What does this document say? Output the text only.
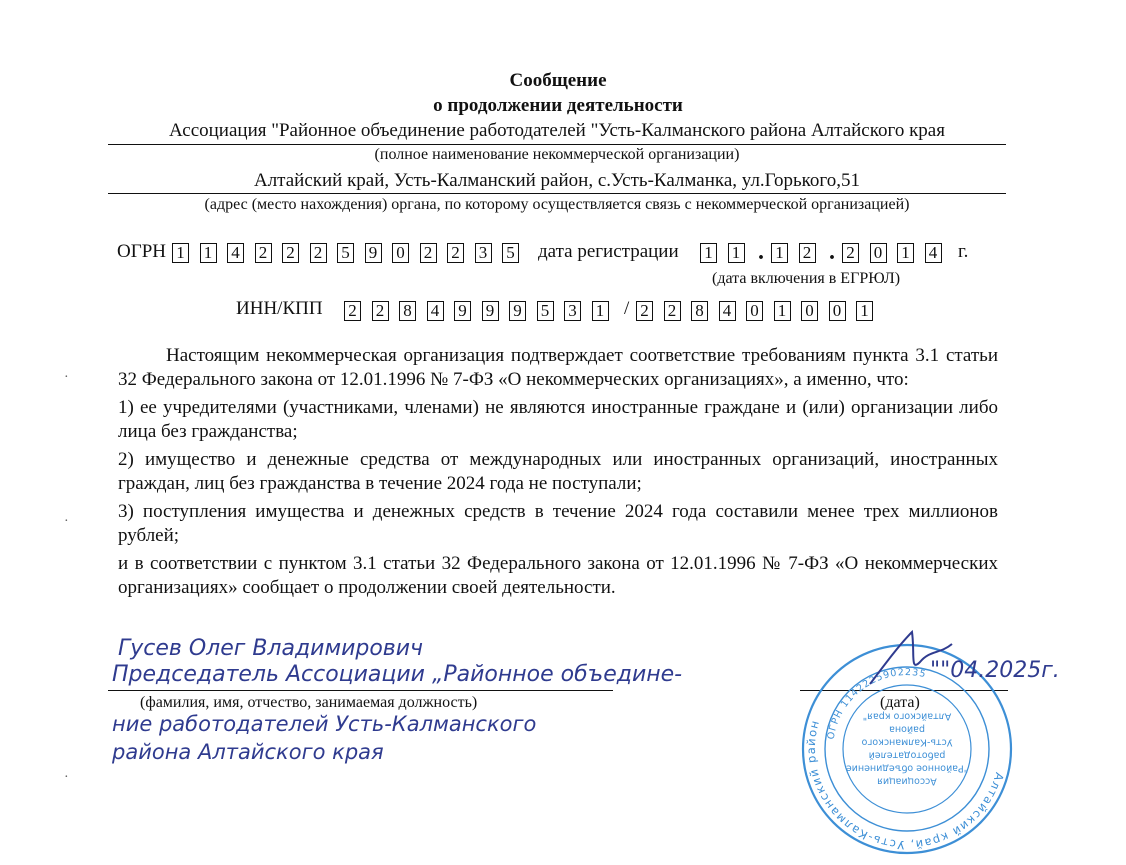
Сообщение
о продолжении деятельности
Ассоциация "Районное объединение работодателей "Усть-Калманского района Алтайского края
(полное наименование некоммерческой организации)
Алтайский край, Усть-Калманский район, с.Усть-Калманка, ул.Горького,51
(адрес (место нахождения) органа, по которому осуществляется связь с некоммерческой организацией)
ОГРН 1 1 4 2 2 2 5 9 0 2 2 3 5 дата регистрации 1 1 . 1 2 . 2 0 1 4 г.
(дата включения в ЕГРЮЛ)
ИНН/КПП 2 2 8 4 9 9 9 5 3 1 / 2 2 8 4 0 1 0 0 1

Настоящим некоммерческая организация подтверждает соответствие требованиям пункта 3.1 статьи 32 Федерального закона от 12.01.1996 № 7-ФЗ «О некоммерческих организациях», а именно, что:

1) ее учредителями (участниками, членами) не являются иностранные граждане и (или) организации либо лица без гражданства;

2) имущество и денежные средства от международных или иностранных организаций, иностранных граждан, лиц без гражданства в течение 2024 года не поступали;

3) поступления имущества и денежных средств в течение 2024 года составили менее трех миллионов рублей;

и в соответствии с пунктом 3.1 статьи 32 Федерального закона от 12.01.1996 № 7-ФЗ «О некоммерческих организациях» сообщает о продолжении своей деятельности.

Гусев Олег Владимирович
Председатель Ассоциации „Районное объедине-
ние работодателей Усть-Калманского
района Алтайского края
(фамилия, имя, отчество, занимаемая должность)	(дата)
Алтайский край, Усть-Калманский район
ОГРН 1142225902235
Ассоциация
"Районное объединение
работодателей
Усть-Калманского
района
Алтайского края"
""04.2025г.
·
·
·
